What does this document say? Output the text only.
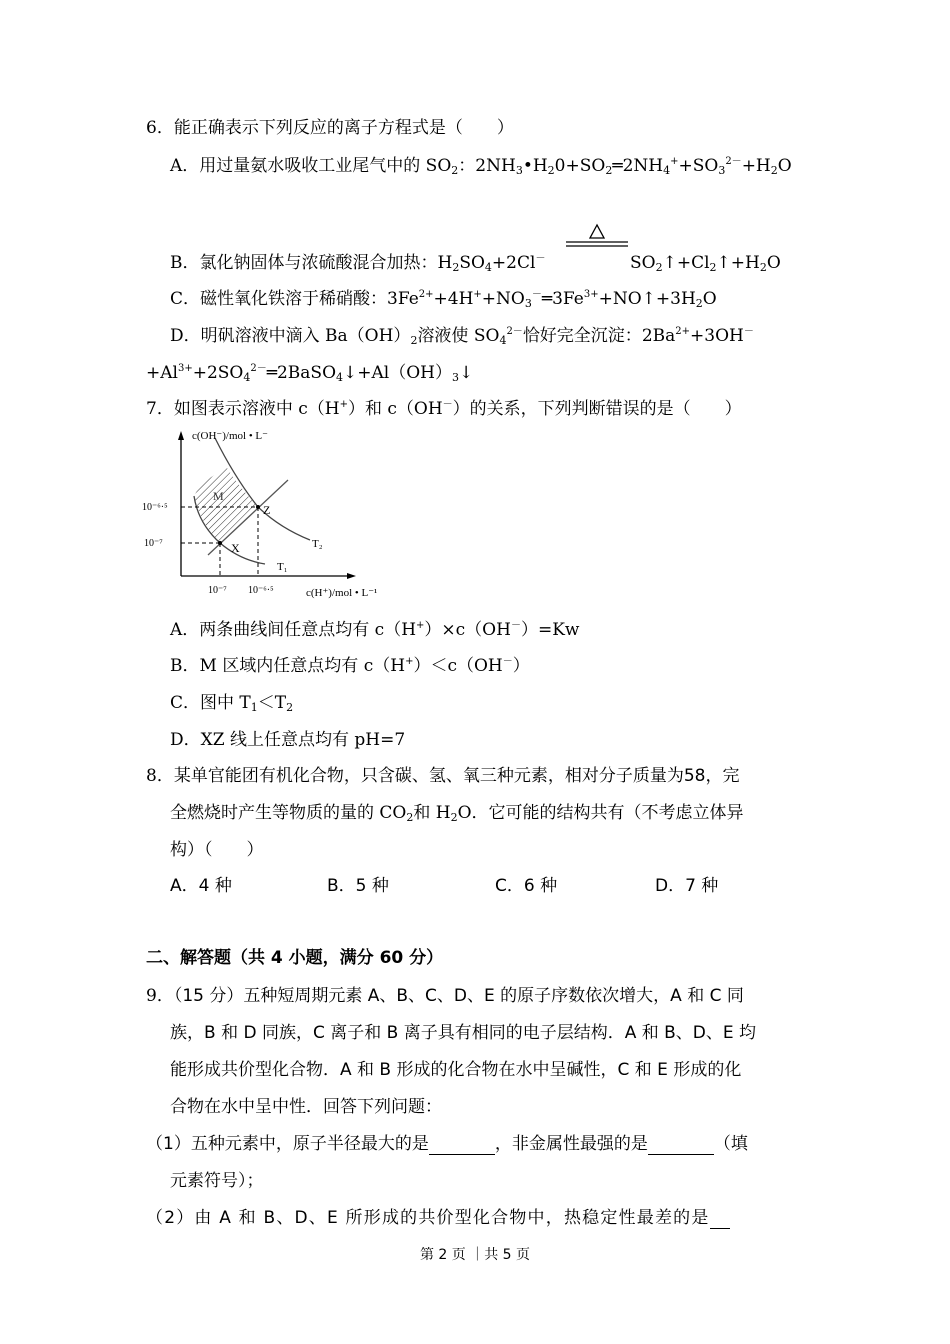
6．能正确表示下列反应的离子方程式是（　　）
A．用过量氨水吸收工业尾气中的 $SO_2$：$2NH_3•H_20+SO_2═2NH_4^++SO_3^{2-}+H_2O$
B．氯化钠固体与浓硫酸混合加热：$H_2SO_4+2Cl^-$	$SO_2↑+Cl_2↑+H_2O$
C．磁性氧化铁溶于稀硝酸：$3Fe^{2+}+4H^++NO_3^-═3Fe^{3+}+NO↑+3H_2O$
D．明矾溶液中滴入 $Ba(OH)_2$溶液使 $SO_4^{2-}$恰好完全沉淀：$2Ba^{2+}+3OH^-$
$+Al^{3+}+2SO_4^{2-}═2BaSO_4↓+Al(OH)_3↓$
7．如图表示溶液中 c（H+）和 c（OH－）的关系，下列判断错误的是（　　）
c(OH⁻)/mol • L⁻
c(H⁺)/mol • L⁻¹
10⁻⁶·⁵
10⁻⁷
10⁻⁷ 10⁻⁶·⁵
M
Z
X	T₂
T₁
A．两条曲线间任意点均有 c（H+）×c（OH－）=Kw
B．M 区域内任意点均有 c（H+）＜c（OH－）
C．图中 $T_1<T_2$
D．XZ 线上任意点均有 pH=7
8．某单官能团有机化合物，只含碳、氢、氧三种元素，相对分子质量为58，完
全燃烧时产生等物质的量的 $CO_2$和 $H_2O$．它可能的结构共有（不考虑立体异
构）（　　）
A．4 种	B．5 种	C．6 种	D．7 种
二、解答题（共 4 小题，满分 60 分）
9．（15 分）五种短周期元素 A、B、C、D、E 的原子序数依次增大，A 和 C 同
族，B 和 D 同族，C 离子和 B 离子具有相同的电子层结构．A 和 B、D、E 均
能形成共价型化合物．A 和 B 形成的化合物在水中呈碱性，C 和 E 形成的化
合物在水中呈中性．回答下列问题：
（1）五种元素中，原子半径最大的是	，非金属性最强的是	（填
元素符号）；
（2）由 A 和 B、D、E 所形成的共价型化合物中，热稳定性最差的是
第 2 页 ｜共 5 页
